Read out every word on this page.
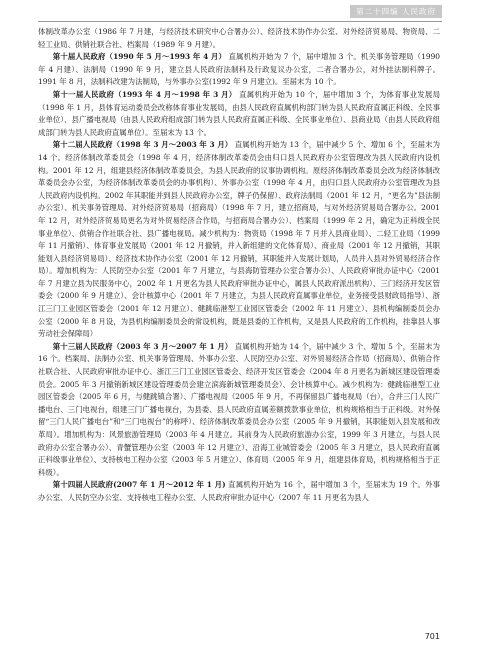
第二十四编 人民政府

体制改革办公室（1986 年 7 月建，与经济技术研究中心合署办公）、经济技术协作办公室、对外经济贸易局、物资局、二轻工业局、供销社联合社、档案局（1989 年 9 月建）。

第十届人民政府（1990 年 5 月～1993 年 4 月） 直属机构开始为 7 个，届中增加 3 个。机关事务管理局（1990 年 4 月建）、法制局（1990 年 9 月，建立县人民政府法制科及行政复议办公室，二者合署办公，对外挂法制科牌子。1991 年 8 月，法制科改建为法制局，与外事办公室(1992 年 9 月建立)。至届末为 10 个。

第十一届人民政府（1993 年 4 月～1998 年 3 月） 直属机构开始为 10 个，届中增加 3 个，为体育事业发展局（1998 年 1 月，县体育运动委员会改称体育事业发展局，由县人民政府直属机构部门转为县人民政府直属正科级、全民事业单位）、县广播电视局（由县人民政府组成部门转为县人民政府直属正科级、全民事业单位）、县商业局（由县人民政府组成部门转为县人民政府直属单位）。至届末为 13 个。

第十二届人民政府（1998 年 3 月～2003 年 3 月） 直属机构开始为 13 个，届中减少 5 个、增加 6 个，至届末为 14 个。经济体制改革委员会（1998 年 4 月，经济体制改革委员会由归口县人民政府办公室管理改为县人民政府内设机构。2001 年 12 月，组建县经济体制改革委员会，为县人民政府的议事协调机构。原经济体制改革委员会改为经济体制改革委员会办公室，为经济体制改革委员会的办事机构）、外事办公室（1998 年 4 月，由归口县人民政府办公室管理改为县人民政府内设机构。2002 年其职能并到县人民政府办公室，牌子仍保留）、政府法制局（2001 年 12 月，“更名为”县法制办公室）、机关事务管理局、对外经济贸易局（招商局）（1998 年 7 月，建立招商局，与对外经济贸易局合署办公。2001 年 12 月，对外经济贸易局更名为对外贸易经济合作局，与招商局合署办公）、档案局（1999 年 2 月，确定为正科级全民事业单位）、供销合作社联合社、县广播电视局。减少机构为：物资局（1998 年 7 月并入县商业局）、二轻工业局（1999 年 11 月撤销）、体育事业发展局（2001 年 12 月撤销，并入新组建的文化体育局）、商业局（2001 年 12 月撤销，其职能划入县经济贸易局）、经济技术协作办公室（2001 年 12 月撤销，其职能并入发展计划局，人员并入县对外贸易经济合作局）。增加机构为：人民防空办公室（2001 年 7 月建立，与县海防管理办公室合署办公）、人民政府审批办证中心（2001 年 7 月建立县为民服务中心，2002 年 1 月更名为县人民政府审批办证中心，属县人民政府派出机构）、三门经济开发区管委会（2000 年 9 月建立）、会计核算中心（2001 年 7 月建立，为县人民政府直属事业单位，业务接受县财政局指导）、浙江三门工业园区管委会（2001 年 12 月建立）、健跳临港型工业园区管委会（2002 年 11 月建立）、县机构编制委员会办公室（2000 年 8 月设，为县机构编制委员会的常设机构，既是县委的工作机构，又是县人民政府的工作机构，挂靠县人事劳动社会保障局）

第十三届人民政府（2003 年 3 月～2007 年 1 月） 直属机构开始为 14 个，届中减少 3 个、增加 5 个，至届末为 16 个。档案局、法制办公室、机关事务管理局、外事办公室、人民防空办公室、对外贸易经济合作局（招商局）、供销合作社联合社、人民政府审批办证中心、浙江三门工业园区管委会、经济开发区管委会（2004 年 8 月更名为新城区建设管理委员会。2005 年 3 月撤销新城区建设管理委员会建立滨海新城管理委员会）、会计核算中心。减少机构为：健跳临港型工业园区管委会（2005 年 6 月，与健跳镇合署）、广播电视局（2005 年 9 月，不再保留县广播电视局（台），合并三门人民广播电台、三门电视台，组建三门广播电视台，为县委、县人民政府直属差额拨款事业单位，机构规格相当于正科级。对外保留“三门人民广播电台”和“三门电视台”的称呼）、经济体制改革委员会办公室（2005 年 9 月撤销，其职能划入县发展和改革局）。增加机构为：风景旅游管理局（2003 年 4 月建立。其前身为人民政府旅游办公室，1999 年 3 月建立，与县人民政府办公室合署办公）、青蟹管理办公室（2003 年 12 月建立）、沿海工业城管委会（2005 年 3 月建立，县人民政府直属正科级事业单位）、支持核电工程办公室（2003 年 5 月建立）、体育局（2005 年 9 月，组建县体育局，机构规格相当于正科级）。

第十四届人民政府(2007 年 1 月～2012 年 1 月) 直属机构开始为 16 个，届中增加 3 个，至届末为 19 个。外事办公室、人民防空办公室、支持核电工程办公室、人民政府审批办证中心（2007 年 11 月更名为县人

701
